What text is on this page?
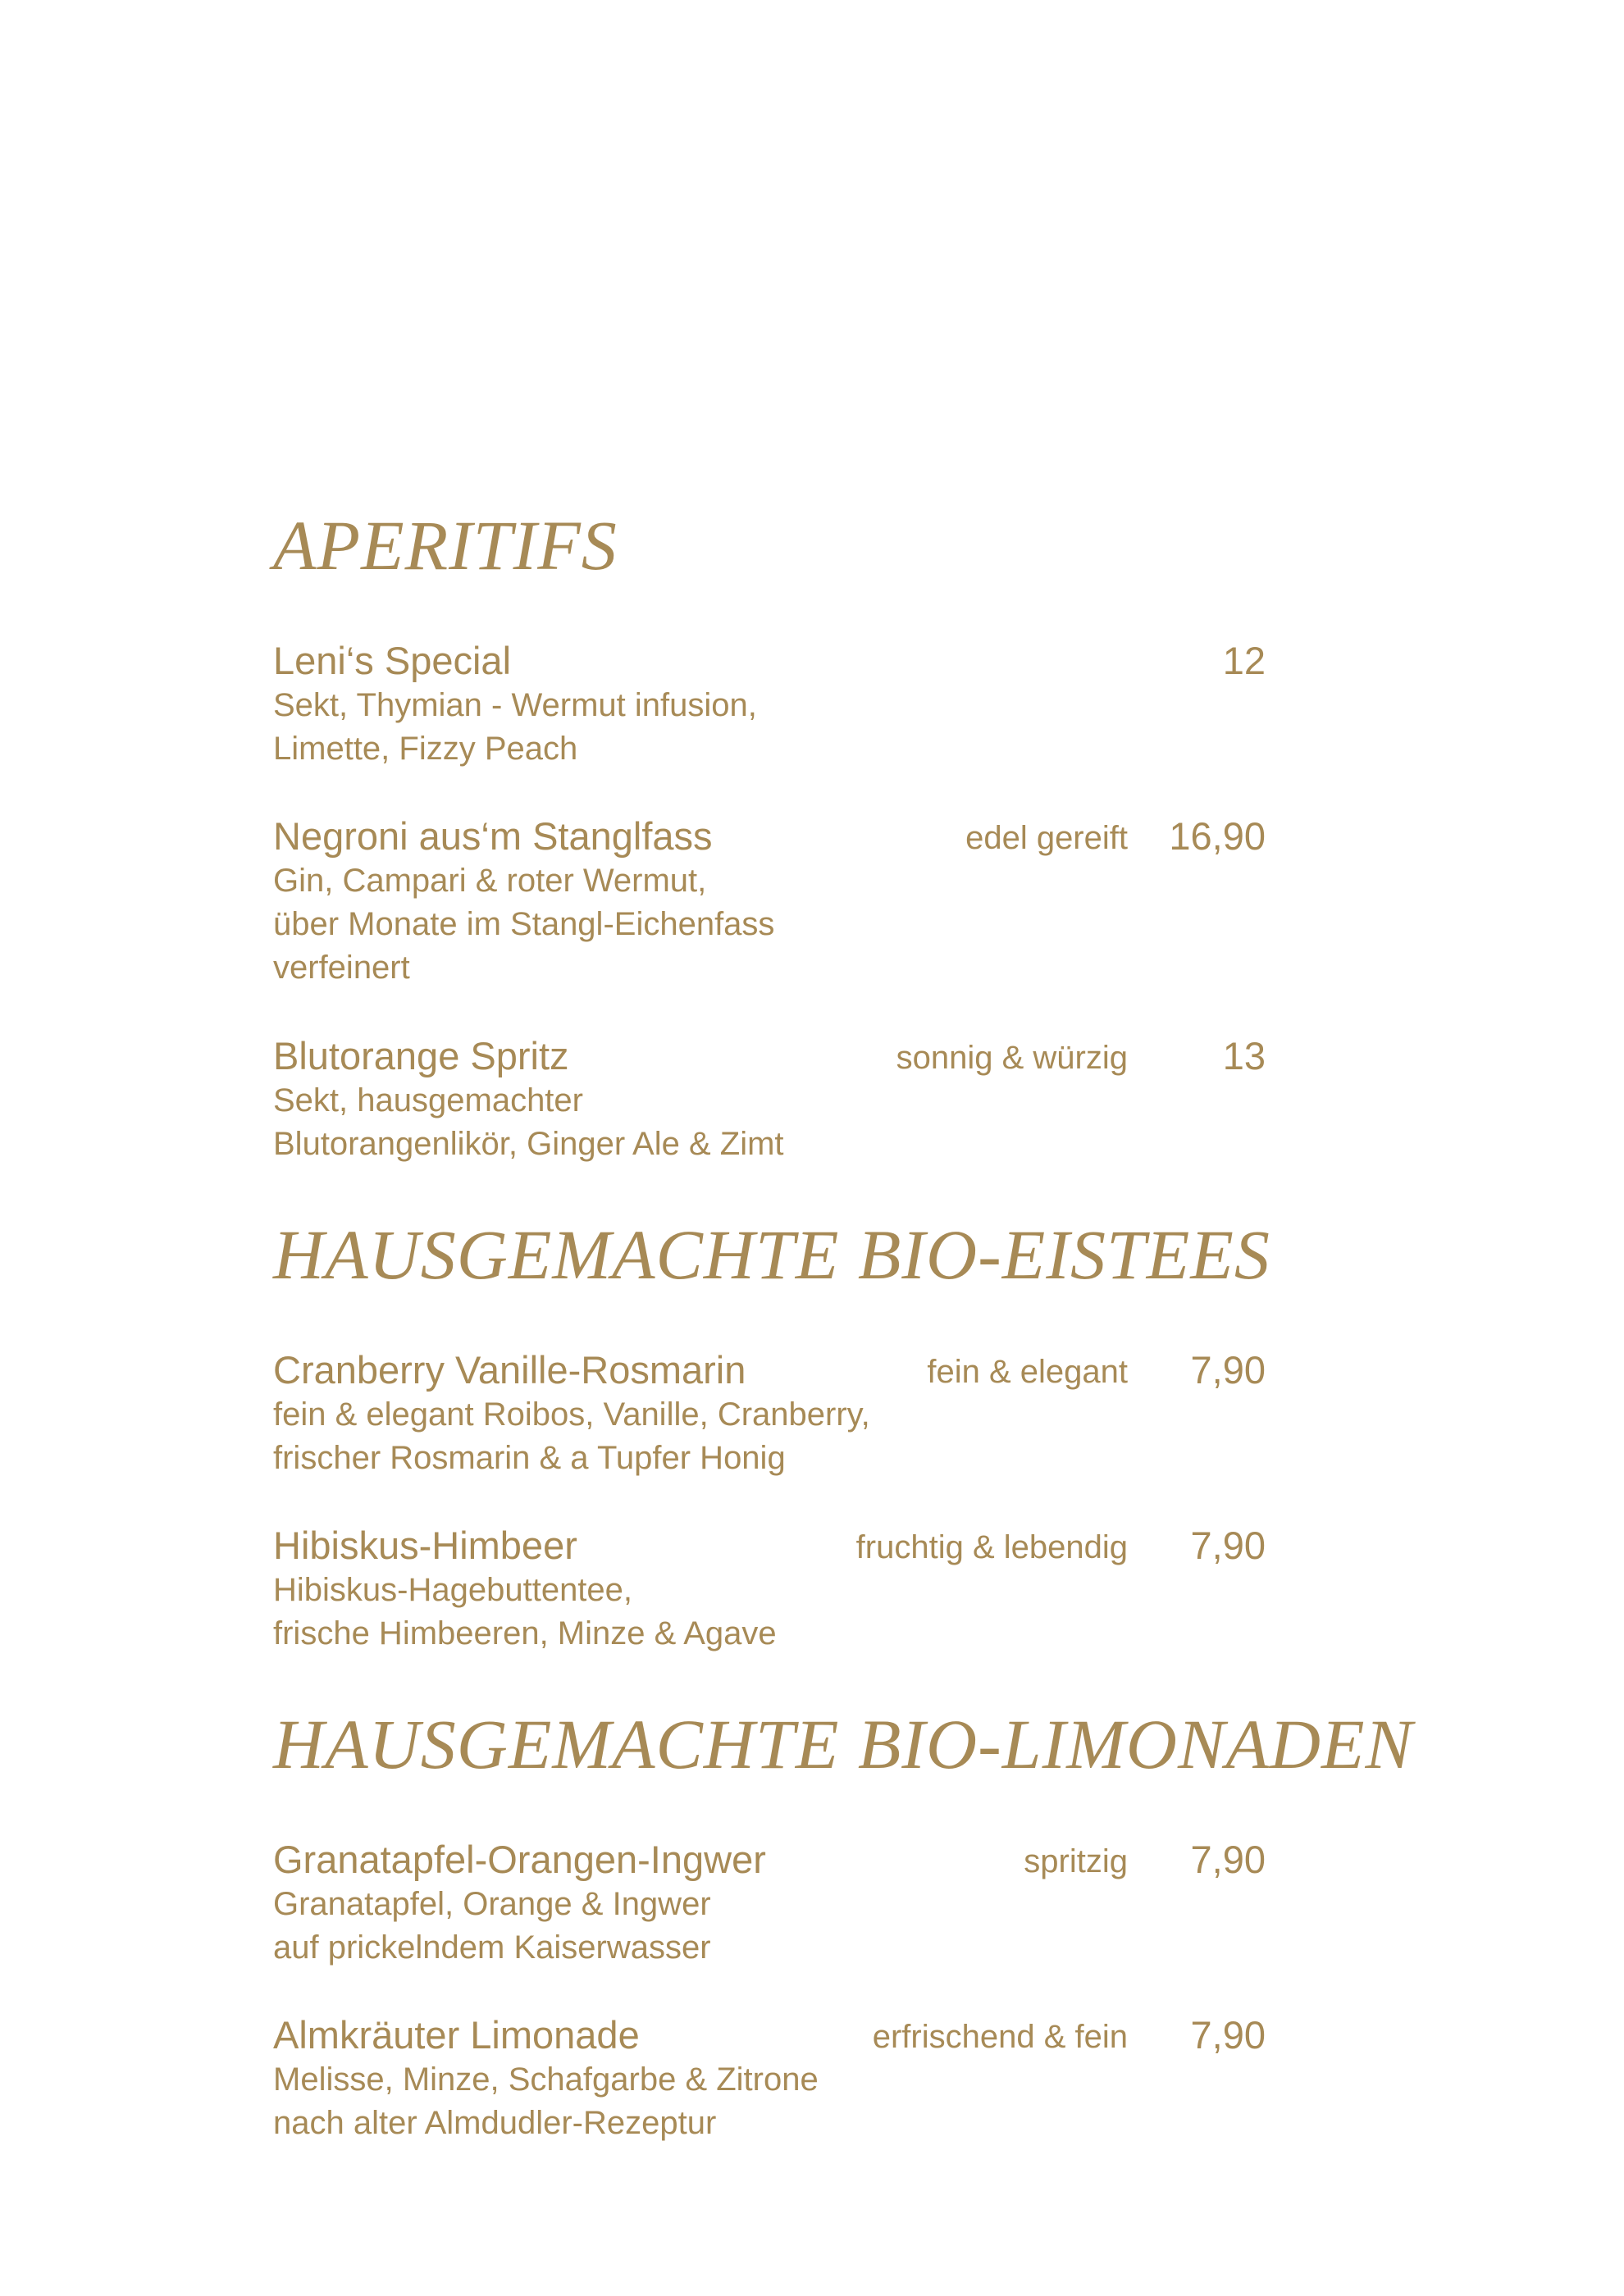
APERITIFS
Leni‘s Special	12
Sekt, Thymian - Wermut infusion,
Limette, Fizzy Peach
Negroni aus‘m Stanglfass	edel gereift 16,90
Gin, Campari & roter Wermut,
über Monate im Stangl-Eichenfass
verfeinert
Blutorange Spritz	sonnig & würzig 13
Sekt, hausgemachter
Blutorangenlikör, Ginger Ale & Zimt
HAUSGEMACHTE BIO-EISTEES
Cranberry Vanille-Rosmarin	fein & elegant 7,90
fein & elegant Roibos, Vanille, Cranberry,
frischer Rosmarin & a Tupfer Honig
Hibiskus-Himbeer	fruchtig & lebendig 7,90
Hibiskus-Hagebuttentee,
frische Himbeeren, Minze & Agave
HAUSGEMACHTE BIO-LIMONADEN
Granatapfel-Orangen-Ingwer	spritzig 7,90
Granatapfel, Orange & Ingwer
auf prickelndem Kaiserwasser
Almkräuter Limonade	erfrischend & fein 7,90
Melisse, Minze, Schafgarbe & Zitrone
nach alter Almdudler-Rezeptur
